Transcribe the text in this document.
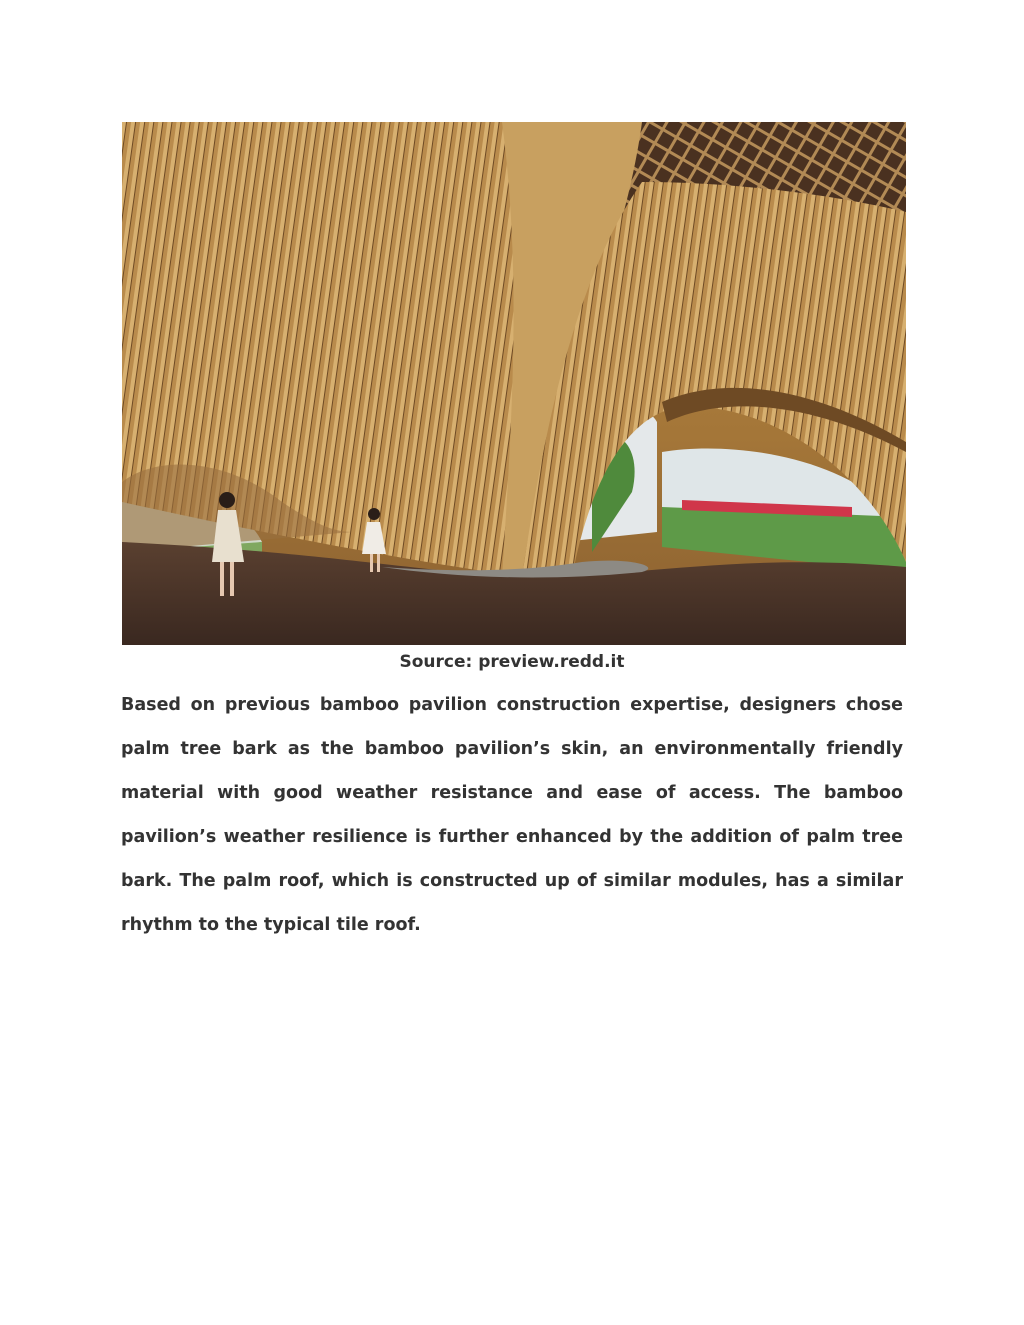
Source: preview.redd.it

Based on previous bamboo pavilion construction expertise, designers chose palm tree bark as the bamboo pavilion’s skin, an environmentally friendly material with good weather resistance and ease of access. The bamboo pavilion’s weather resilience is further enhanced by the addition of palm tree bark. The palm roof, which is constructed up of similar modules, has a similar rhythm to the typical tile roof.
